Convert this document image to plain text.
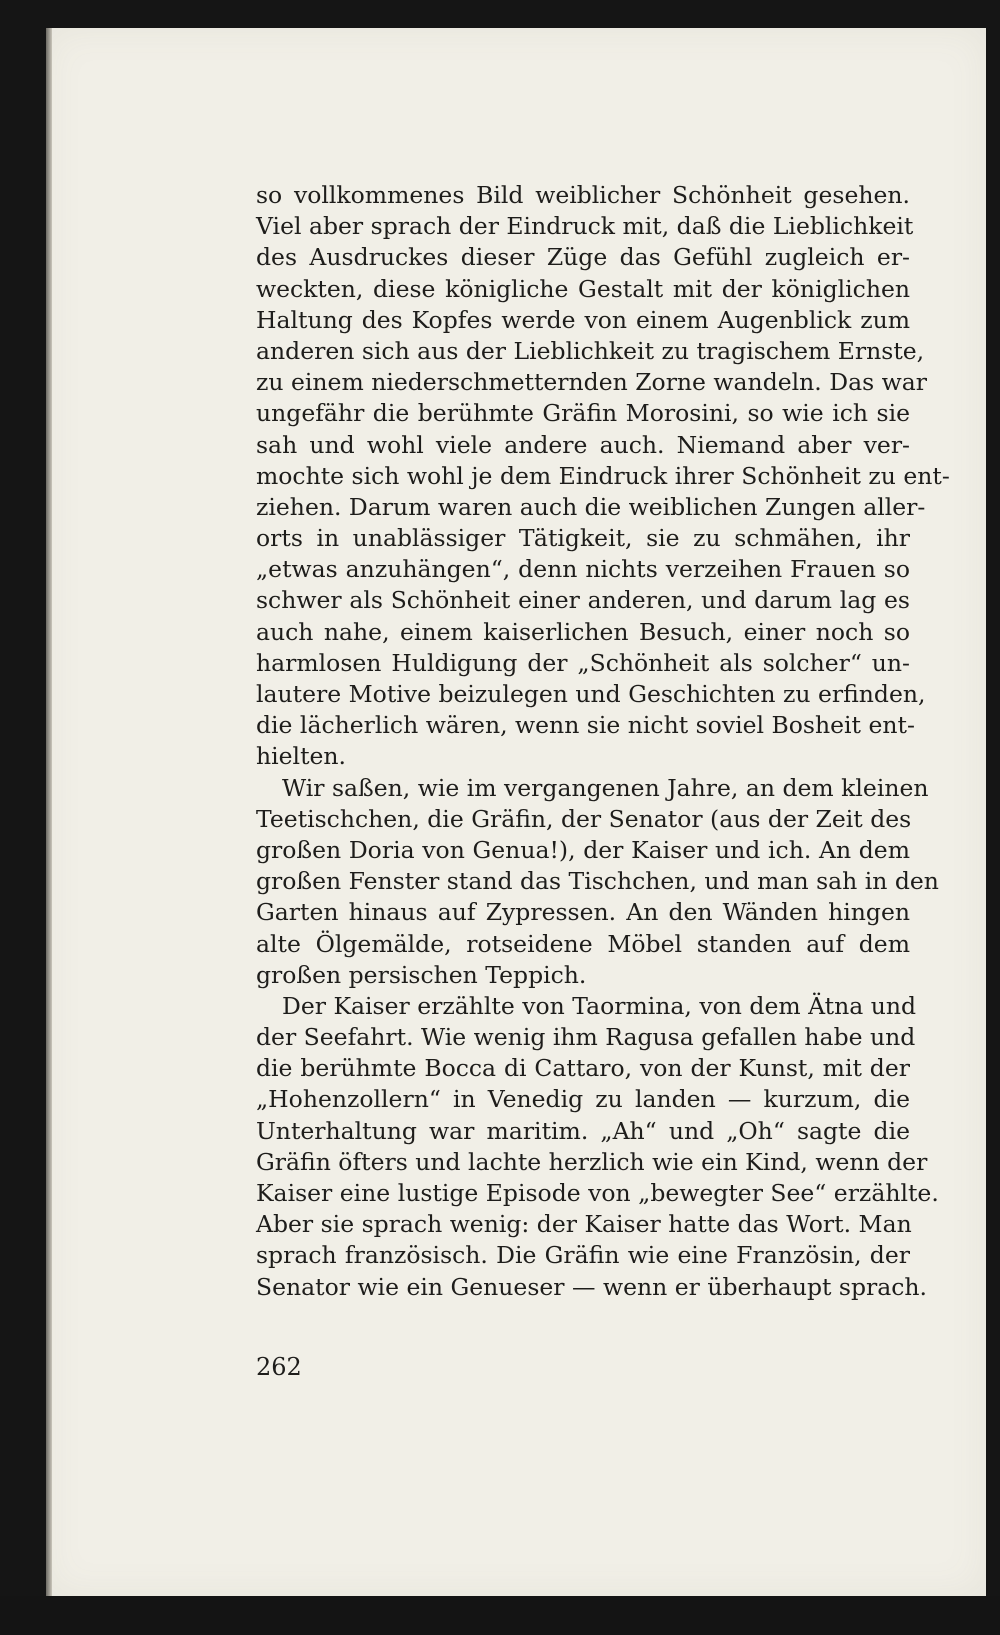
so vollkommenes Bild weiblicher Schönheit gesehen.
Viel aber sprach der Eindruck mit, daß die Lieblichkeit
des Ausdruckes dieser Züge das Gefühl zugleich er-
weckten, diese königliche Gestalt mit der königlichen
Haltung des Kopfes werde von einem Augenblick zum
anderen sich aus der Lieblichkeit zu tragischem Ernste,
zu einem niederschmetternden Zorne wandeln. Das war
ungefähr die berühmte Gräfin Morosini, so wie ich sie
sah und wohl viele andere auch. Niemand aber ver-
mochte sich wohl je dem Eindruck ihrer Schönheit zu ent-
ziehen. Darum waren auch die weiblichen Zungen aller-
orts in unablässiger Tätigkeit, sie zu schmähen, ihr
„etwas anzuhängen“, denn nichts verzeihen Frauen so
schwer als Schönheit einer anderen, und darum lag es
auch nahe, einem kaiserlichen Besuch, einer noch so
harmlosen Huldigung der „Schönheit als solcher“ un-
lautere Motive beizulegen und Geschichten zu erfinden,
die lächerlich wären, wenn sie nicht soviel Bosheit ent-
hielten.
Wir saßen, wie im vergangenen Jahre, an dem kleinen
Teetischchen, die Gräfin, der Senator (aus der Zeit des
großen Doria von Genua!), der Kaiser und ich. An dem
großen Fenster stand das Tischchen, und man sah in den
Garten hinaus auf Zypressen. An den Wänden hingen
alte Ölgemälde, rotseidene Möbel standen auf dem
großen persischen Teppich.
Der Kaiser erzählte von Taormina, von dem Ätna und
der Seefahrt. Wie wenig ihm Ragusa gefallen habe und
die berühmte Bocca di Cattaro, von der Kunst, mit der
„Hohenzollern“ in Venedig zu landen — kurzum, die
Unterhaltung war maritim. „Ah“ und „Oh“ sagte die
Gräfin öfters und lachte herzlich wie ein Kind, wenn der
Kaiser eine lustige Episode von „bewegter See“ erzählte.
Aber sie sprach wenig: der Kaiser hatte das Wort. Man
sprach französisch. Die Gräfin wie eine Französin, der
Senator wie ein Genueser — wenn er überhaupt sprach.
262
